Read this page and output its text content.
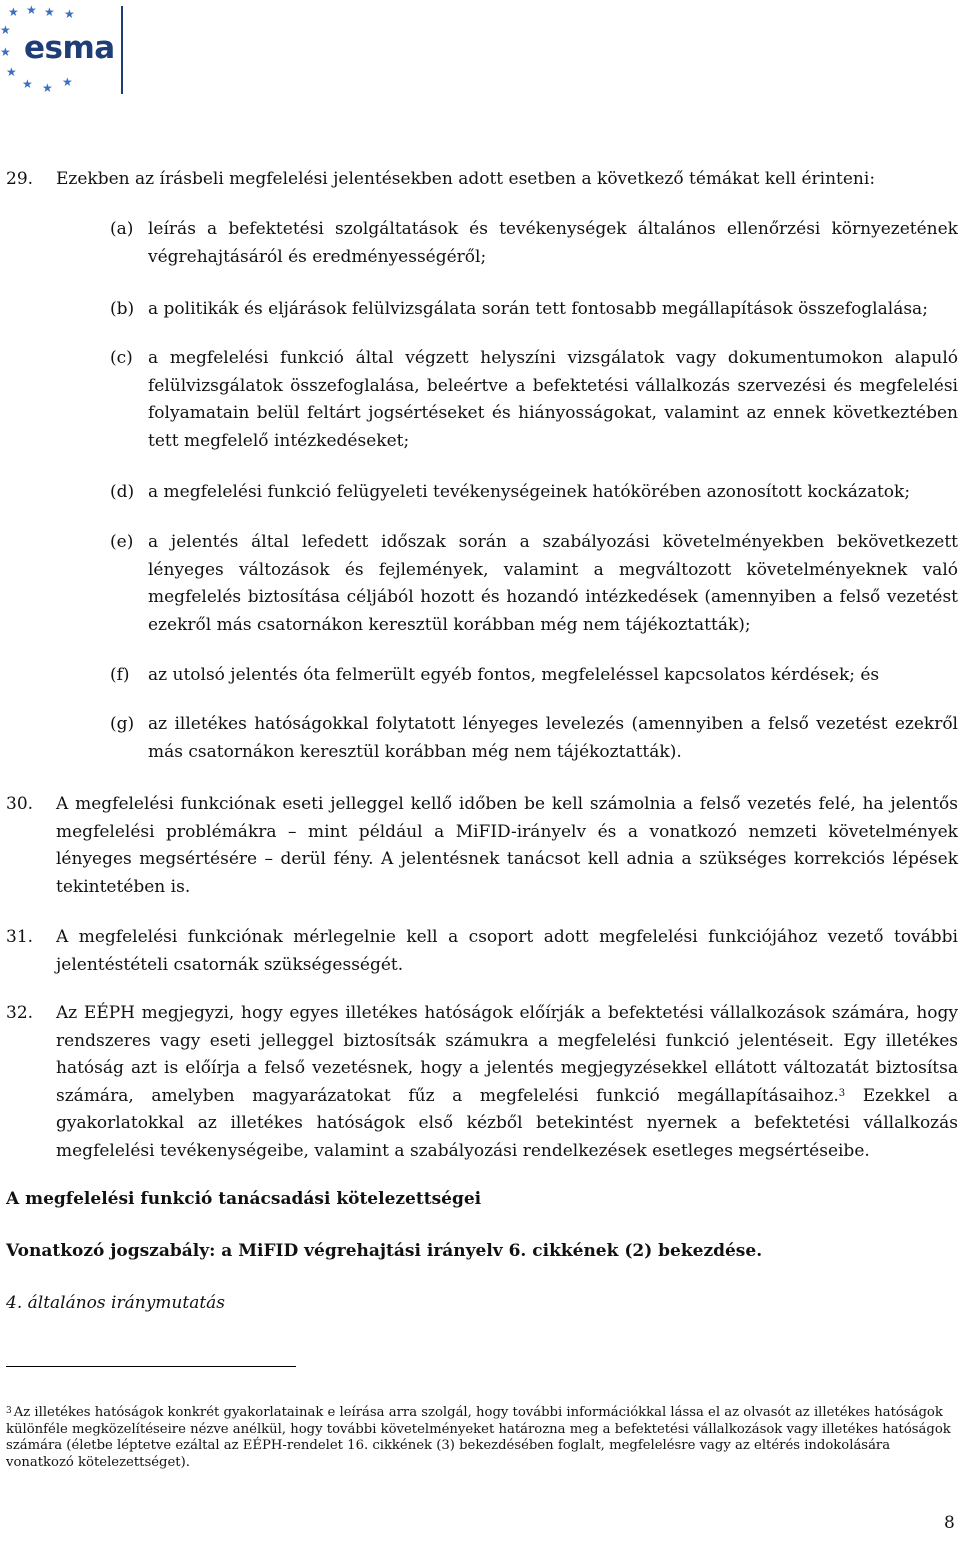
★ ★ ★ ★
★
★
★
★ ★ ★
esma
29.	Ezekben az írásbeli megfelelési jelentésekben adott esetben a következő témákat kell érinteni:
(a) leírás a befektetési szolgáltatások és tevékenységek általános ellenőrzési környezetének végrehajtásáról és eredményességéről;
(b) a politikák és eljárások felülvizsgálata során tett fontosabb megállapítások összefoglalása;
(c) a megfelelési funkció által végzett helyszíni vizsgálatok vagy dokumentumokon alapuló felülvizsgálatok összefoglalása, beleértve a befektetési vállalkozás szervezési és megfelelési folyamatain belül feltárt jogsértéseket és hiányosságokat, valamint az ennek következtében tett megfelelő intézkedéseket;
(d) a megfelelési funkció felügyeleti tevékenységeinek hatókörében azonosított kockázatok;
(e) a jelentés által lefedett időszak során a szabályozási követelményekben bekövetkezett lényeges változások és fejlemények, valamint a megváltozott követelményeknek való megfelelés biztosítása céljából hozott és hozandó intézkedések (amennyiben a felső vezetést ezekről más csatornákon keresztül korábban még nem tájékoztatták);
(f)	az utolsó jelentés óta felmerült egyéb fontos, megfeleléssel kapcsolatos kérdések; és
(g) az illetékes hatóságokkal folytatott lényeges levelezés (amennyiben a felső vezetést ezekről más csatornákon keresztül korábban még nem tájékoztatták).
30.	A megfelelési funkciónak eseti jelleggel kellő időben be kell számolnia a felső vezetés felé, ha jelentős megfelelési problémákra – mint például a MiFID-irányelv és a vonatkozó nemzeti követelmények lényeges megsértésére – derül fény. A jelentésnek tanácsot kell adnia a szükséges korrekciós lépések tekintetében is.
31.	A megfelelési funkciónak mérlegelnie kell a csoport adott megfelelési funkciójához vezető további jelentéstételi csatornák szükségességét.
32.	Az EÉPH megjegyzi, hogy egyes illetékes hatóságok előírják a befektetési vállalkozások számára, hogy rendszeres vagy eseti jelleggel biztosítsák számukra a megfelelési funkció jelentéseit. Egy illetékes hatóság azt is előírja a felső vezetésnek, hogy a jelentés megjegyzésekkel ellátott változatát biztosítsa számára, amelyben magyarázatokat fűz a megfelelési funkció megállapításaihoz.$^3$ Ezekkel a gyakorlatokkal az illetékes hatóságok első kézből betekintést nyernek a befektetési vállalkozás megfelelési tevékenységeibe, valamint a szabályozási rendelkezések esetleges megsértéseibe.
A megfelelési funkció tanácsadási kötelezettségei
Vonatkozó jogszabály: a MiFID végrehajtási irányelv 6. cikkének (2) bekezdése.
4. általános iránymutatás
$^3$ Az illetékes hatóságok konkrét gyakorlatainak e leírása arra szolgál, hogy további információkkal lássa el az olvasót az illetékes hatóságok különféle megközelítéseire nézve anélkül, hogy további követelményeket határozna meg a befektetési vállalkozások vagy illetékes hatóságok számára (életbe léptetve ezáltal az EÉPH-rendelet 16. cikkének (3) bekezdésében foglalt, megfelelésre vagy az eltérés indokolására vonatkozó kötelezettséget).
8
